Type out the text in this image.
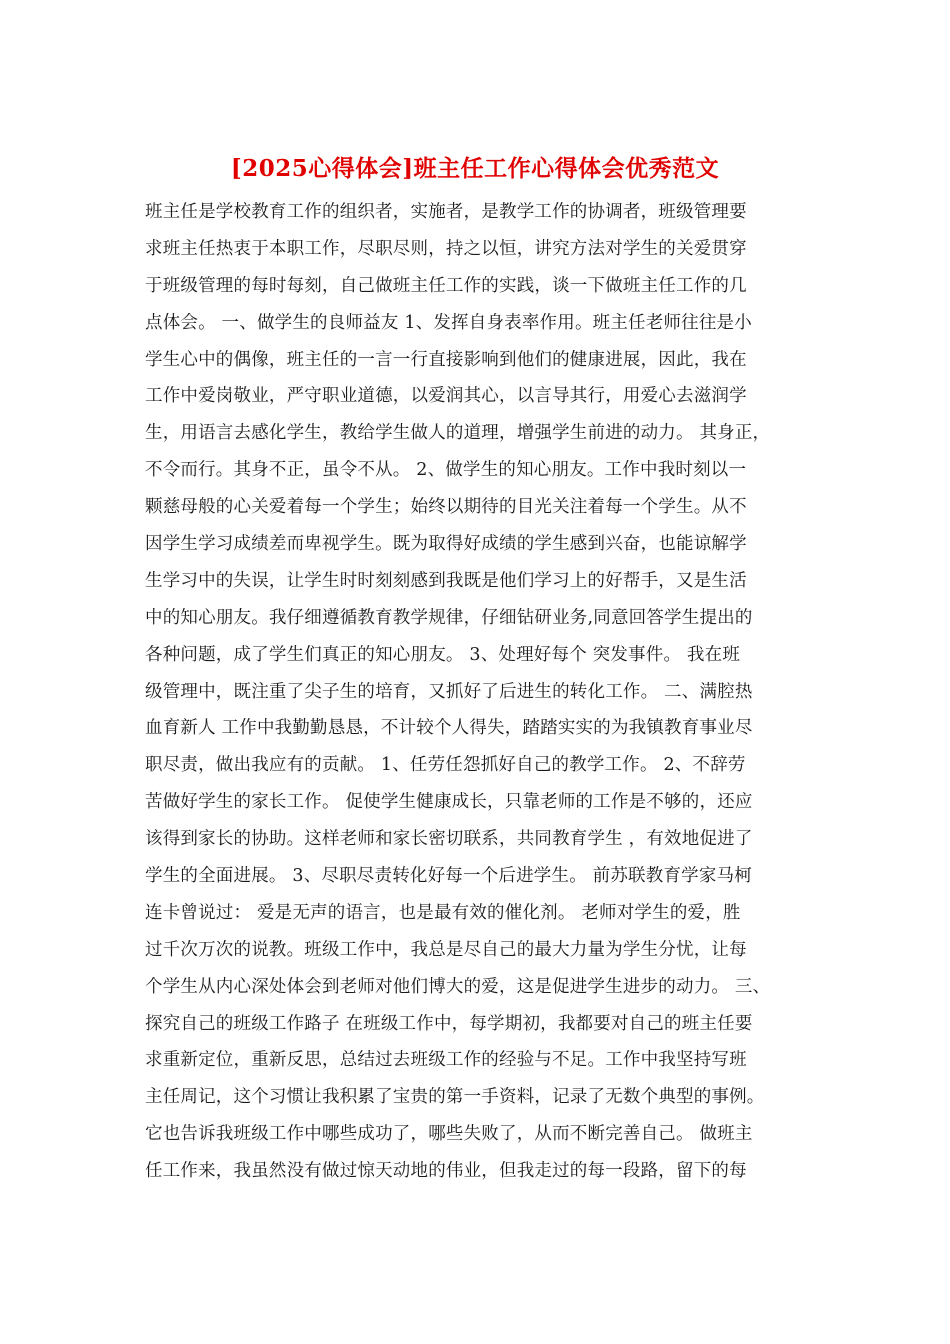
[2025心得体会]班主任工作心得体会优秀范文
班主任是学校教育工作的组织者，实施者，是教学工作的协调者，班级管理要
求班主任热衷于本职工作，尽职尽则，持之以恒，讲究方法对学生的关爱贯穿
于班级管理的每时每刻，自己做班主任工作的实践，谈一下做班主任工作的几
点体会。 一、做学生的良师益友 1、发挥自身表率作用。班主任老师往往是小
学生心中的偶像，班主任的一言一行直接影响到他们的健康进展，因此，我在
工作中爱岗敬业，严守职业道德，以爱润其心，以言导其行，用爱心去滋润学
生，用语言去感化学生，教给学生做人的道理，增强学生前进的动力。 其身正，
不令而行。其身不正，虽令不从。 2、做学生的知心朋友。工作中我时刻以一
颗慈母般的心关爱着每一个学生；始终以期待的目光关注着每一个学生。从不
因学生学习成绩差而卑视学生。既为取得好成绩的学生感到兴奋，也能谅解学
生学习中的失误，让学生时时刻刻感到我既是他们学习上的好帮手，又是生活
中的知心朋友。我仔细遵循教育教学规律，仔细钻研业务,同意回答学生提出的
各种问题，成了学生们真正的知心朋友。 3、处理好每个 突发事件。 我在班
级管理中，既注重了尖子生的培育，又抓好了后进生的转化工作。 二、满腔热
血育新人 工作中我勤勤恳恳，不计较个人得失，踏踏实实的为我镇教育事业尽
职尽责，做出我应有的贡献。 1、任劳任怨抓好自己的教学工作。 2、不辞劳
苦做好学生的家长工作。 促使学生健康成长，只靠老师的工作是不够的，还应
该得到家长的协助。这样老师和家长密切联系，共同教育学生 ，有效地促进了
学生的全面进展。 3、尽职尽责转化好每一个后进学生。 前苏联教育学家马柯
连卡曾说过： 爱是无声的语言，也是最有效的催化剂。 老师对学生的爱，胜
过千次万次的说教。班级工作中，我总是尽自己的最大力量为学生分忧，让每
个学生从内心深处体会到老师对他们博大的爱，这是促进学生进步的动力。 三、
探究自己的班级工作路子 在班级工作中，每学期初，我都要对自己的班主任要
求重新定位，重新反思，总结过去班级工作的经验与不足。工作中我坚持写班
主任周记，这个习惯让我积累了宝贵的第一手资料，记录了无数个典型的事例。
它也告诉我班级工作中哪些成功了，哪些失败了，从而不断完善自己。 做班主
任工作来，我虽然没有做过惊天动地的伟业，但我走过的每一段路，留下的每
